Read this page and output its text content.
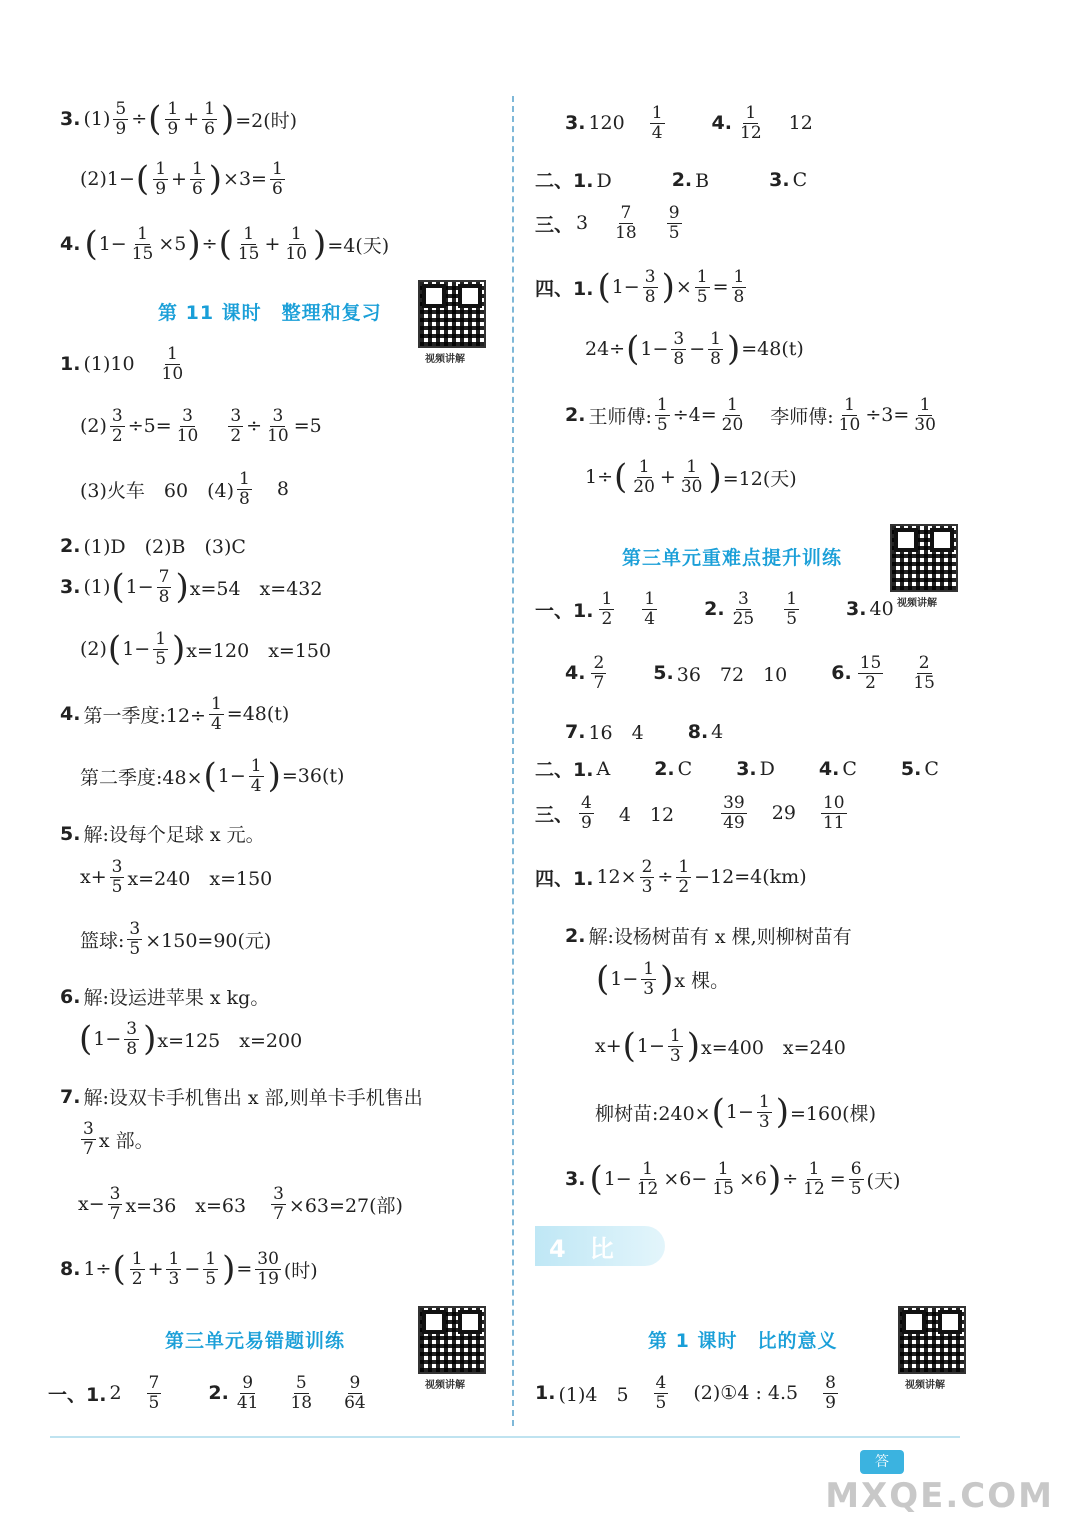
3. $(1) \frac{5}{9}$ ÷ ( $\frac{1}{9} + \frac{1}{6}$ ) =2(时)
(2)1− ( $\frac{1}{9} + \frac{1}{6}$ ) $\times 3= \frac{1}{6}$
4. ( $1- \frac{1}{15} \times 5$ ) ÷ ( $\frac{1}{15} + \frac{1}{10}$ ) =4(天)
第 11 课时　整理和复习
视频讲解
1. $(1)10 \frac{1}{10}$
$(2) \frac{3}{2} \div 5= \frac{3}{10} \frac{3}{2} \div \frac{3}{10} =5$
(3)火车　60　$(4) \frac{1}{8} 8$
2. (1)D　(2)B　(3)C
3. (1) ( $1- \frac{7}{8}$ ) x=54　x=432
(2) ( $1- \frac{1}{5}$ ) x=120　x=150
4. 第一季度:12÷ $\frac{1}{4} =48(t)$
第二季度:48× ( $1- \frac{1}{4}$ ) =36(t)
5. 解:设每个足球 x 元。
$x+ \frac{3}{5} x=240$　x=150
篮球: $\frac{3}{5} \times 150=90$(元)
6. 解:设运进苹果 x kg。
( $1- \frac{3}{8}$ ) x=125　x=200
7. 解:设双卡手机售出 x 部,则单卡手机售出
$\frac{3}{7}$ x 部。
$x- \frac{3}{7} x=36$　$x=63 \frac{3}{7} \times 63=27$(部)
8. 1÷ ( $\frac{1}{2} + \frac{1}{3} - \frac{1}{5}$ ) = $\frac{30}{19}$ (时)
第三单元易错题训练
视频讲解
一、1. $2 \frac{7}{5} 2$. $\frac{9}{41} \frac{5}{18} \frac{9}{64}$
3. $120 \frac{1}{4} 4$. $\frac{1}{12} 12$
二、1. D　　 2. B　　 3. C
三、 $3 \frac{7}{18} \frac{9}{5}$
四、1. ( $1- \frac{3}{8}$ ) × $\frac{1}{5} = \frac{1}{8}$
24÷ ( $1- \frac{3}{8} - \frac{1}{8}$ ) =48(t)
2. 王师傅: $\frac{1}{5} \div 4= \frac{1}{20}$ 李师傅: $\frac{1}{10} \div 3= \frac{1}{30}$
1÷ ( $\frac{1}{20} + \frac{1}{30}$ ) =12(天)
第三单元重难点提升训练
视频讲解
一、1. $\frac{1}{2} \frac{1}{4} 2$. $\frac{3}{25} \frac{1}{5} 3$. 40
4. $\frac{2}{7} 5$. 36　72　10 6. $\frac{15}{2} \frac{2}{15}$
7. 16　4 8. 4
二、1. A 2. C 3. D 4. C 5. C
三、 $\frac{4}{9} 4$　12	$\frac{39}{49} 29 \frac{10}{11}$
四、1. $12\times \frac{2}{3} \div \frac{1}{2} -12=4(km)$
2. 解:设杨树苗有 x 棵,则柳树苗有
( $1- \frac{1}{3}$ ) x 棵。
x+ ( $1- \frac{1}{3}$ ) x=400　x=240
柳树苗:240× ( $1- \frac{1}{3}$ ) =160(棵)
3. ( $1- \frac{1}{12} \times 6- \frac{1}{15} \times 6$ ) ÷ $\frac{1}{12} = \frac{6}{5}$ (天)
4　比
第 1 课时　比的意义
视频讲解
1. (1)4　$5 \frac{4}{5}$ (2)①4 : $4.5 \frac{8}{9}$
答
MXQE.COM
